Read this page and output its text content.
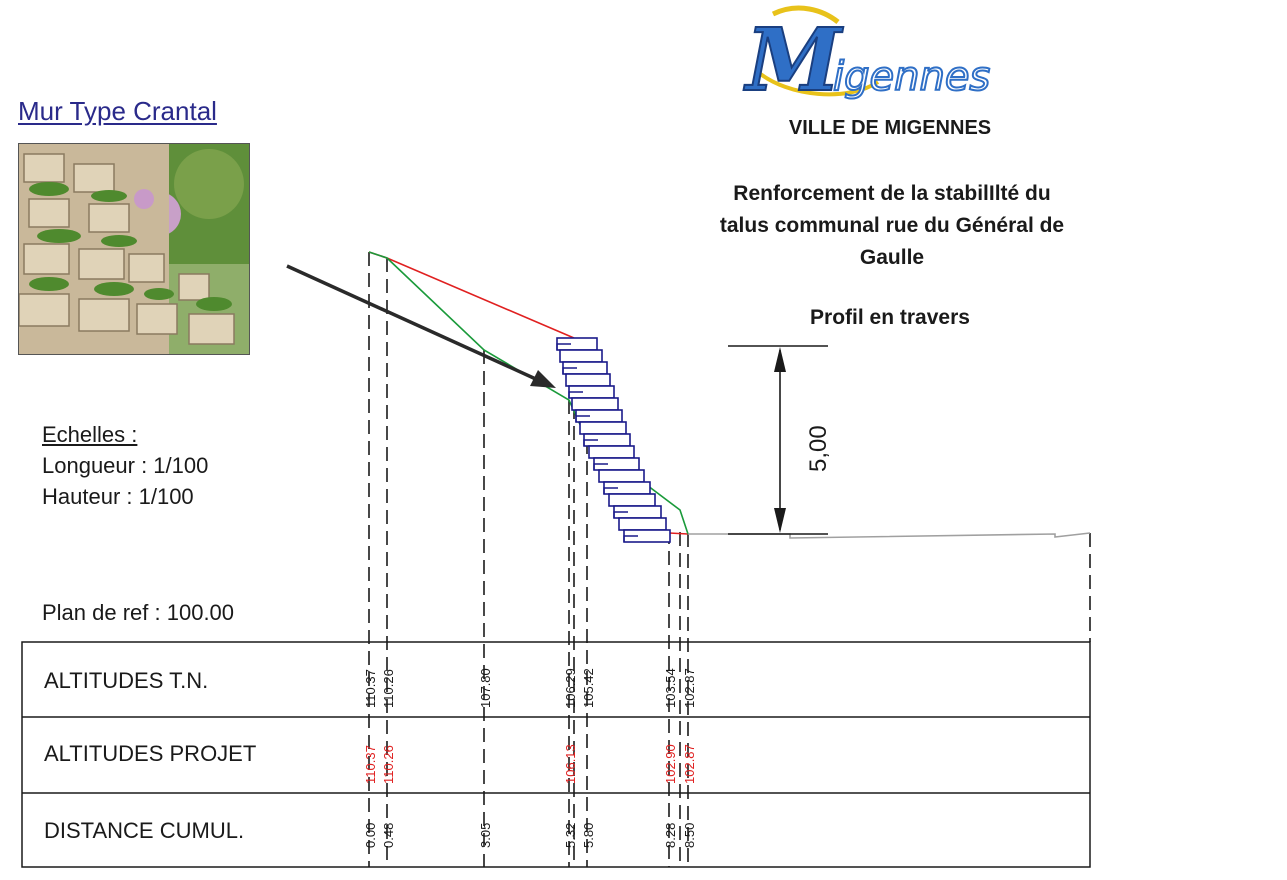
Mur Type Crantal
Echelles :
Longueur : 1/100
Hauteur : 1/100
Plan de ref : 100.00
M
igennes
VILLE DE MIGENNES
Renforcement de la stabilIlté du
talus communal rue du Général de
Gaulle
Profil en travers
5,00
110.37
110.37
0.00
110.26
110.26
0.48
107.80
3.05
106.29
106.13
5.32
105.42
5.80
103.54
102.90
8.28
102.87
102.87
8.50
ALTITUDES T.N.
ALTITUDES PROJET
DISTANCE CUMUL.
